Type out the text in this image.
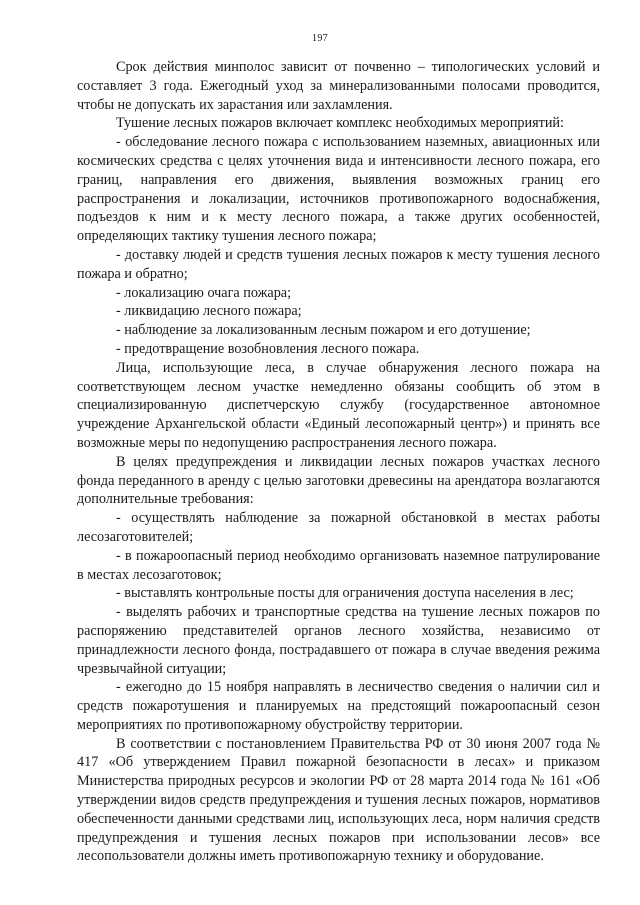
197

Срок действия минполос зависит от почвенно – типологических условий и составляет 3 года. Ежегодный уход за минерализованными полосами проводится, чтобы не допускать их зарастания или захламления.

Тушение лесных пожаров включает комплекс необходимых мероприятий:

- обследование лесного пожара с использованием наземных, авиационных или космических средства с целях уточнения вида и интенсивности лесного пожара, его границ, направления его движения, выявления возможных границ его распространения и локализации, источников противопожарного водоснабжения, подъездов к ним и к месту лесного пожара, а также других особенностей, определяющих тактику тушения лесного пожара;

- доставку людей и средств тушения лесных пожаров к месту тушения лесного пожара и обратно;

- локализацию очага пожара;

- ликвидацию лесного пожара;

- наблюдение за локализованным лесным пожаром и его дотушение;

- предотвращение возобновления лесного пожара.

Лица, использующие леса, в случае обнаружения лесного пожара на соответствующем лесном участке немедленно обязаны сообщить об этом в специализированную диспетчерскую службу (государственное автономное учреждение Архангельской области «Единый лесопожарный центр») и принять все возможные меры по недопущению распространения лесного пожара.

В целях предупреждения и ликвидации лесных пожаров участках лесного фонда переданного в аренду с целью заготовки древесины на арендатора возлагаются дополнительные требования:

- осуществлять наблюдение за пожарной обстановкой в местах работы лесозаготовителей;

- в пожароопасный период необходимо организовать наземное патрулирование в местах лесозаготовок;

- выставлять контрольные посты для ограничения доступа населения в лес;

- выделять рабочих и транспортные средства на тушение лесных пожаров по распоряжению представителей органов лесного хозяйства, независимо от принадлежности лесного фонда, пострадавшего от пожара в случае введения режима чрезвычайной ситуации;

- ежегодно до 15 ноября направлять в лесничество сведения о наличии сил и средств пожаротушения и планируемых на предстоящий пожароопасный сезон мероприятиях по противопожарному обустройству территории.

В соответствии с постановлением Правительства РФ от 30 июня 2007 года № 417 «Об утверждением Правил пожарной безопасности в лесах» и приказом Министерства природных ресурсов и экологии РФ от 28 марта 2014 года № 161 «Об утверждении видов средств предупреждения и тушения лесных пожаров, нормативов обеспеченности данными средствами лиц, использующих леса, норм наличия средств предупреждения и тушения лесных пожаров при использовании лесов» все лесопользователи должны иметь противопожарную технику и оборудование.
